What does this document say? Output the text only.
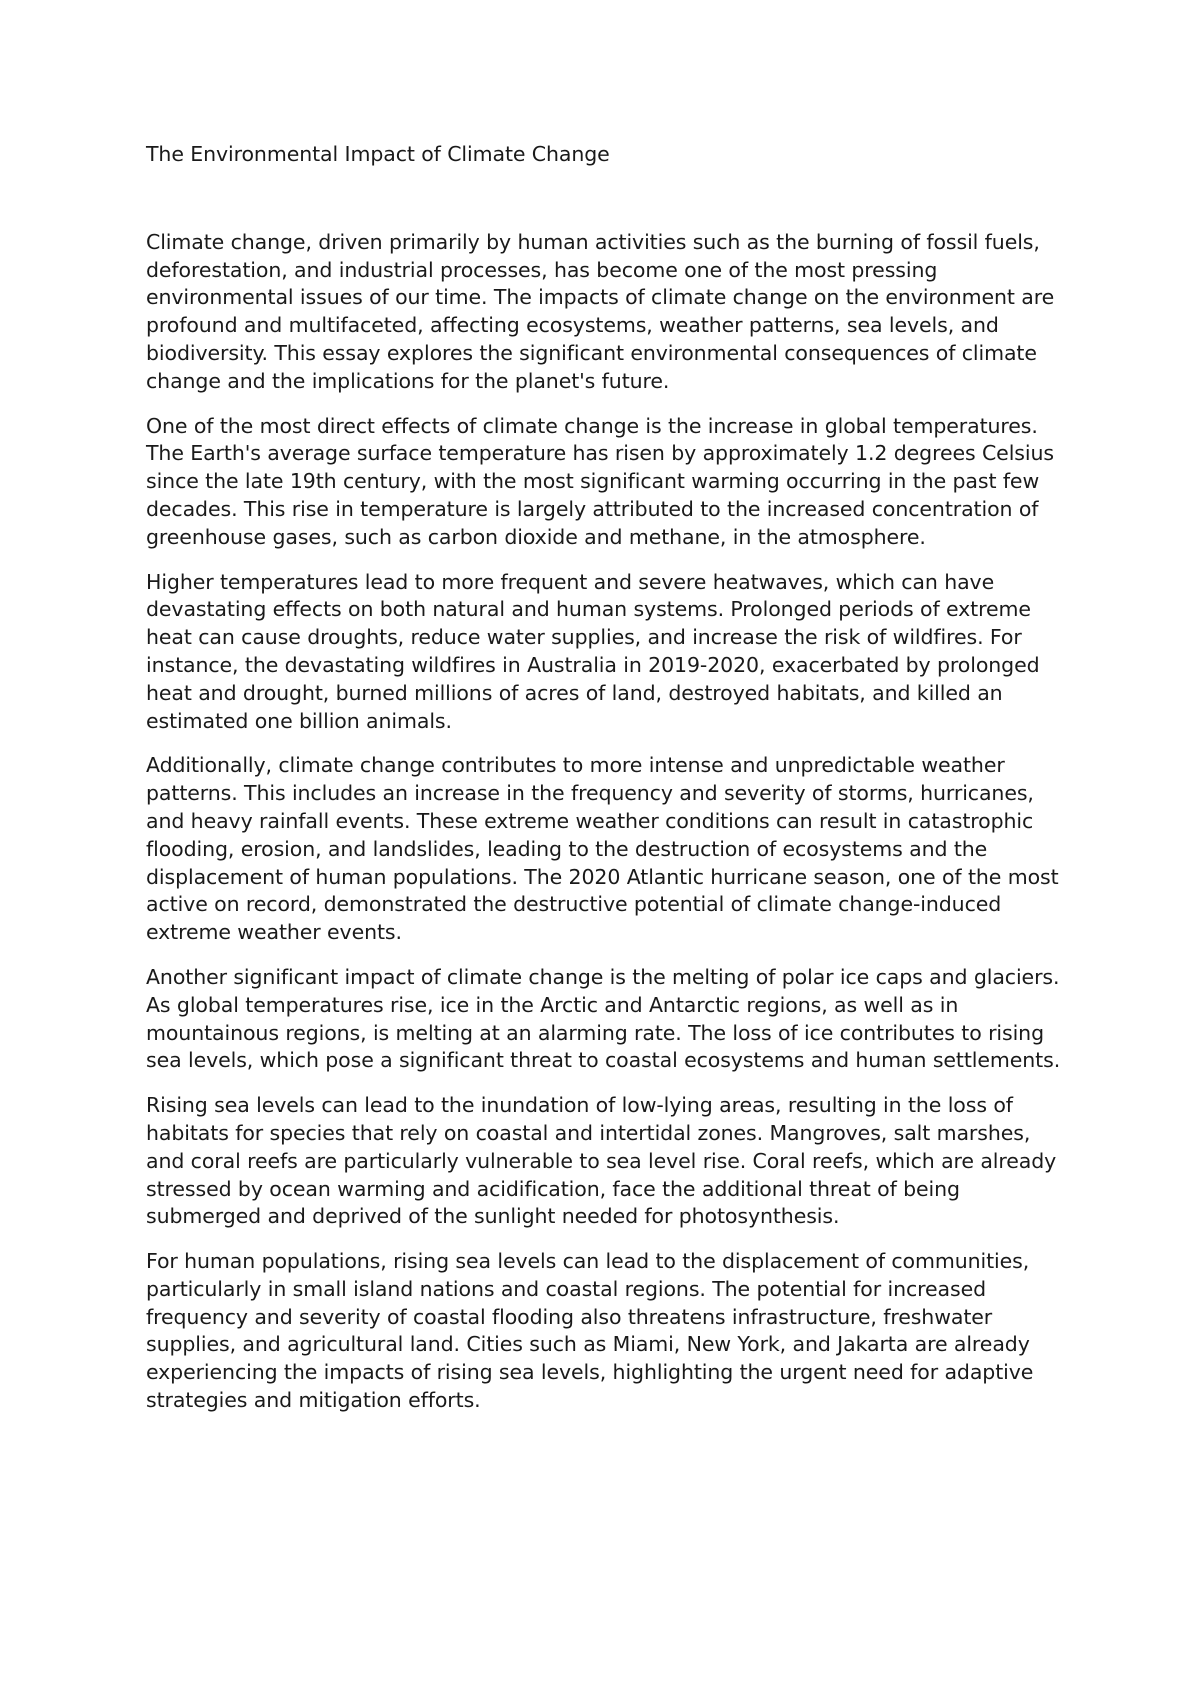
The Environmental Impact of Climate Change

Climate change, driven primarily by human activities such as the burning of fossil fuels, deforestation, and industrial processes, has become one of the most pressing environmental issues of our time. The impacts of climate change on the environment are profound and multifaceted, affecting ecosystems, weather patterns, sea levels, and biodiversity. This essay explores the significant environmental consequences of climate change and the implications for the planet's future.

One of the most direct effects of climate change is the increase in global temperatures. The Earth's average surface temperature has risen by approximately 1.2 degrees Celsius since the late 19th century, with the most significant warming occurring in the past few decades. This rise in temperature is largely attributed to the increased concentration of greenhouse gases, such as carbon dioxide and methane, in the atmosphere.

Higher temperatures lead to more frequent and severe heatwaves, which can have devastating effects on both natural and human systems. Prolonged periods of extreme heat can cause droughts, reduce water supplies, and increase the risk of wildfires. For instance, the devastating wildfires in Australia in 2019-2020, exacerbated by prolonged heat and drought, burned millions of acres of land, destroyed habitats, and killed an estimated one billion animals.

Additionally, climate change contributes to more intense and unpredictable weather patterns. This includes an increase in the frequency and severity of storms, hurricanes, and heavy rainfall events. These extreme weather conditions can result in catastrophic flooding, erosion, and landslides, leading to the destruction of ecosystems and the displacement of human populations. The 2020 Atlantic hurricane season, one of the most active on record, demonstrated the destructive potential of climate change-induced extreme weather events.

Another significant impact of climate change is the melting of polar ice caps and glaciers. As global temperatures rise, ice in the Arctic and Antarctic regions, as well as in mountainous regions, is melting at an alarming rate. The loss of ice contributes to rising sea levels, which pose a significant threat to coastal ecosystems and human settlements.

Rising sea levels can lead to the inundation of low-lying areas, resulting in the loss of habitats for species that rely on coastal and intertidal zones. Mangroves, salt marshes, and coral reefs are particularly vulnerable to sea level rise. Coral reefs, which are already stressed by ocean warming and acidification, face the additional threat of being submerged and deprived of the sunlight needed for photosynthesis.

For human populations, rising sea levels can lead to the displacement of communities, particularly in small island nations and coastal regions. The potential for increased frequency and severity of coastal flooding also threatens infrastructure, freshwater supplies, and agricultural land. Cities such as Miami, New York, and Jakarta are already experiencing the impacts of rising sea levels, highlighting the urgent need for adaptive strategies and mitigation efforts.
